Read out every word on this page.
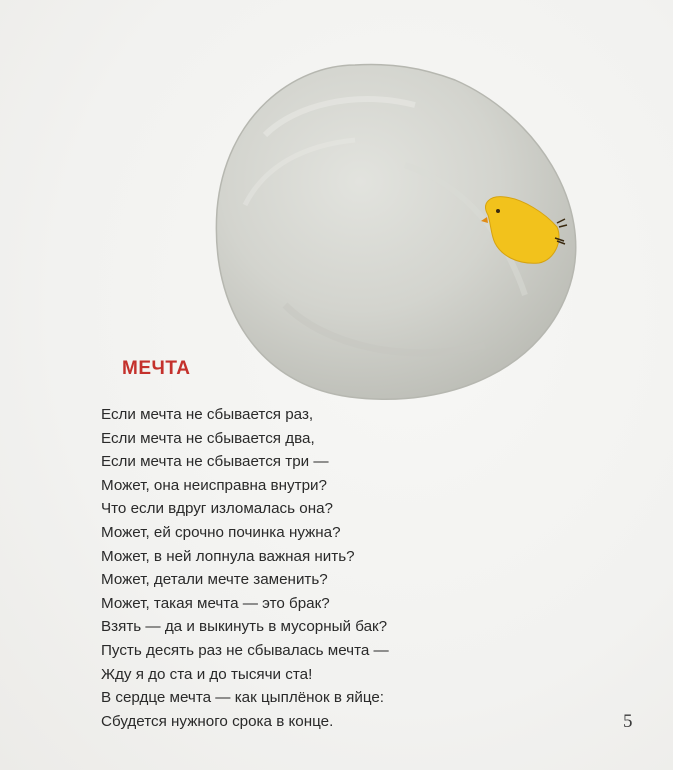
МЕЧТА
Если мечта не сбывается раз,
Если мечта не сбывается два,
Если мечта не сбывается три —
Может, она неисправна внутри?
Что если вдруг изломалась она?
Может, ей срочно починка нужна?
Может, в ней лопнула важная нить?
Может, детали мечте заменить?
Может, такая мечта — это брак?
Взять — да и выкинуть в мусорный бак?
Пусть десять раз не сбывалась мечта —
Жду я до ста и до тысячи ста!
В сердце мечта — как цыплёнок в яйце:
Сбудется нужного срока в конце.	5
